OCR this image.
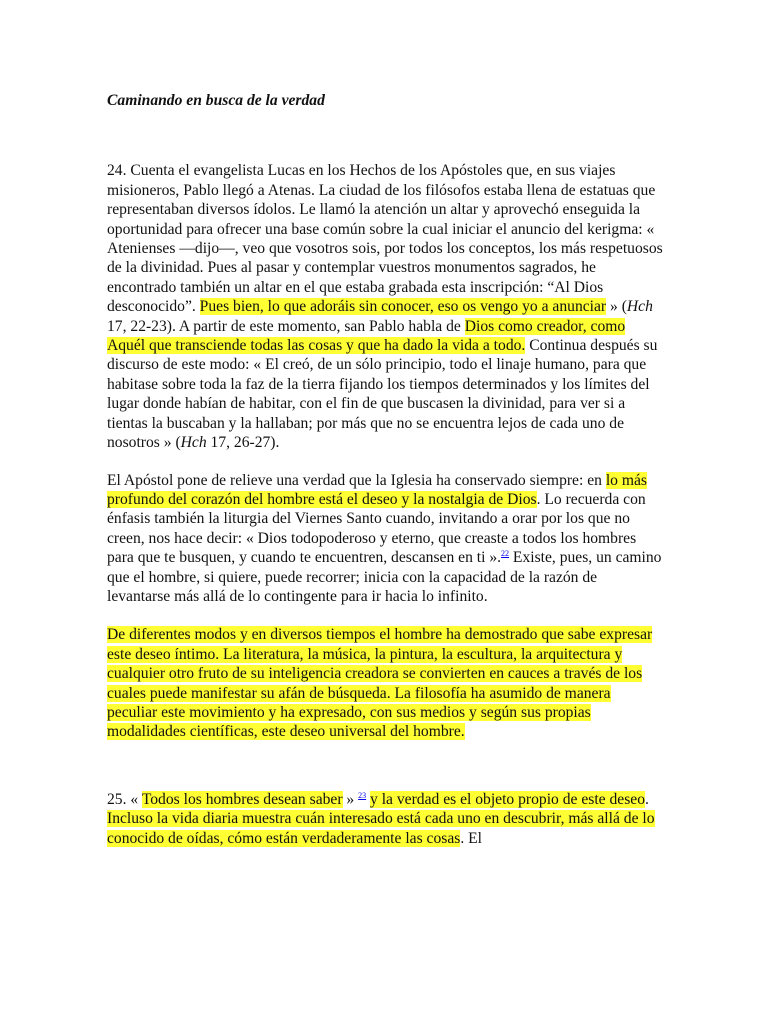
Caminando en busca de la verdad

24. Cuenta el evangelista Lucas en los Hechos de los Apóstoles que, en sus viajes misioneros, Pablo llegó a Atenas. La ciudad de los filósofos estaba llena de estatuas que representaban diversos ídolos. Le llamó la atención un altar y aprovechó enseguida la oportunidad para ofrecer una base común sobre la cual iniciar el anuncio del kerigma: « Atenienses —dijo—, veo que vosotros sois, por todos los conceptos, los más respetuosos de la divinidad. Pues al pasar y contemplar vuestros monumentos sagrados, he encontrado también un altar en el que estaba grabada esta inscripción: “Al Dios desconocido”. Pues bien, lo que adoráis sin conocer, eso os vengo yo a anunciar » (Hch 17, 22-23). A partir de este momento, san Pablo habla de Dios como creador, como Aquél que transciende todas las cosas y que ha dado la vida a todo. Continua después su discurso de este modo: « El creó, de un sólo principio, todo el linaje humano, para que habitase sobre toda la faz de la tierra fijando los tiempos determinados y los límites del lugar donde habían de habitar, con el fin de que buscasen la divinidad, para ver si a tientas la buscaban y la hallaban; por más que no se encuentra lejos de cada uno de nosotros » (Hch 17, 26-27).

El Apóstol pone de relieve una verdad que la Iglesia ha conservado siempre: en lo más profundo del corazón del hombre está el deseo y la nostalgia de Dios. Lo recuerda con énfasis también la liturgia del Viernes Santo cuando, invitando a orar por los que no creen, nos hace decir: « Dios todopoderoso y eterno, que creaste a todos los hombres para que te busquen, y cuando te encuentren, descansen en ti ».$^{22}$ Existe, pues, un camino que el hombre, si quiere, puede recorrer; inicia con la capacidad de la razón de levantarse más allá de lo contingente para ir hacia lo infinito.

De diferentes modos y en diversos tiempos el hombre ha demostrado que sabe expresar este deseo íntimo. La literatura, la música, la pintura, la escultura, la arquitectura y cualquier otro fruto de su inteligencia creadora se convierten en cauces a través de los cuales puede manifestar su afán de búsqueda. La filosofía ha asumido de manera peculiar este movimiento y ha expresado, con sus medios y según sus propias modalidades científicas, este deseo universal del hombre.

25. « Todos los hombres desean saber » $^{23}$ y la verdad es el objeto propio de este deseo. Incluso la vida diaria muestra cuán interesado está cada uno en descubrir, más allá de lo conocido de oídas, cómo están verdaderamente las cosas. El
